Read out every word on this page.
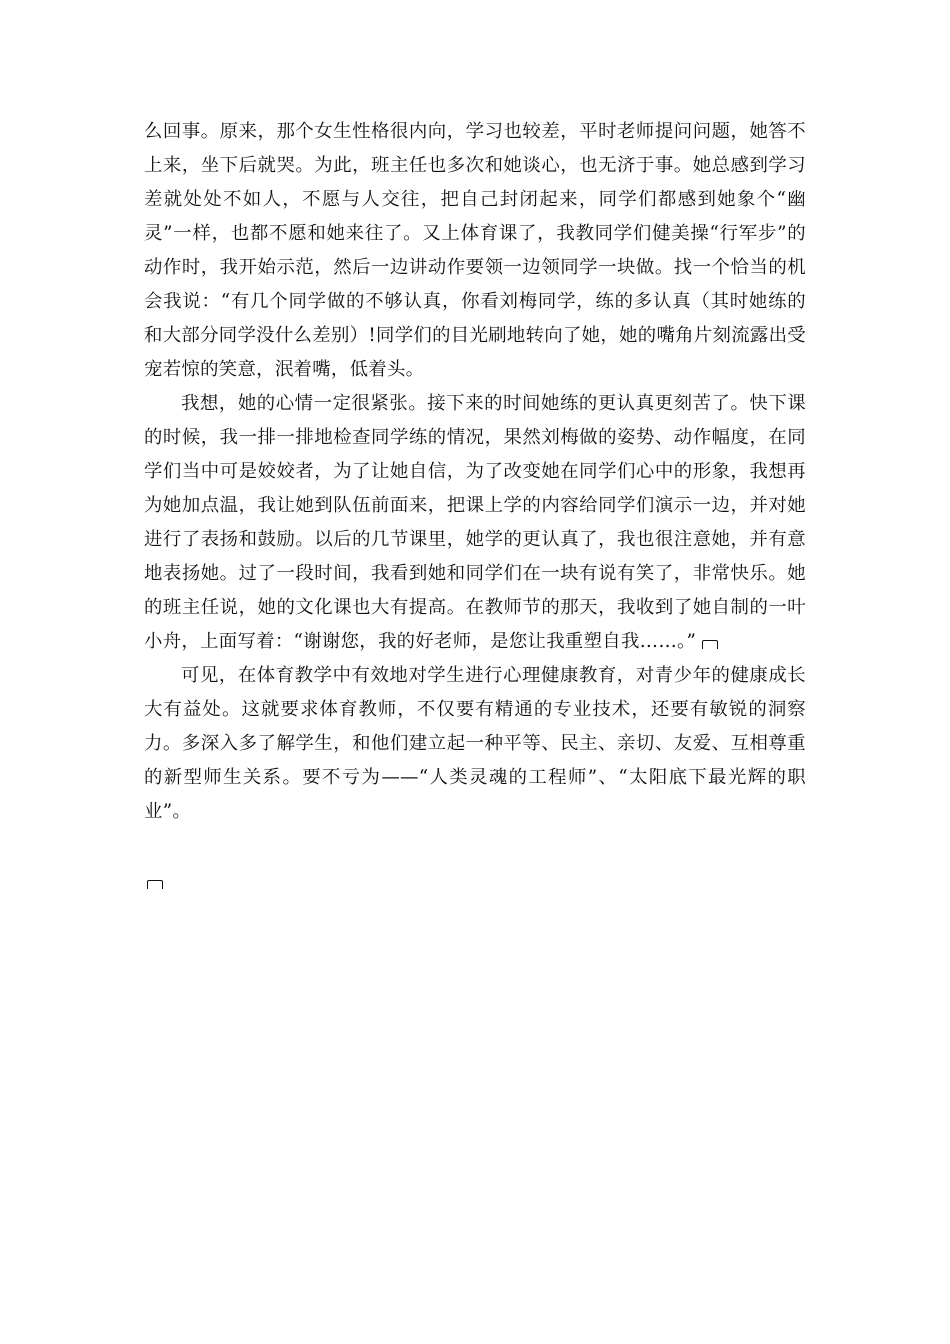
么回事。原来，那个女生性格很内向，学习也较差，平时老师提问问题，她答不上来，坐下后就哭。为此，班主任也多次和她谈心，也无济于事。她总感到学习差就处处不如人，不愿与人交往，把自己封闭起来，同学们都感到她象个“幽灵”一样，也都不愿和她来往了。又上体育课了，我教同学们健美操“行军步”的动作时，我开始示范，然后一边讲动作要领一边领同学一块做。找一个恰当的机会我说：“有几个同学做的不够认真，你看刘梅同学，练的多认真（其时她练的和大部分同学没什么差别）!同学们的目光刷地转向了她，她的嘴角片刻流露出受宠若惊的笑意，泯着嘴，低着头。

我想，她的心情一定很紧张。接下来的时间她练的更认真更刻苦了。快下课的时候，我一排一排地检查同学练的情况，果然刘梅做的姿势、动作幅度，在同学们当中可是姣姣者，为了让她自信，为了改变她在同学们心中的形象，我想再为她加点温，我让她到队伍前面来，把课上学的内容给同学们演示一边，并对她进行了表扬和鼓励。以后的几节课里，她学的更认真了，我也很注意她，并有意地表扬她。过了一段时间，我看到她和同学们在一块有说有笑了，非常快乐。她的班主任说，她的文化课也大有提高。在教师节的那天，我收到了她自制的一叶小舟，上面写着：“谢谢您，我的好老师，是您让我重塑自我……。”

可见，在体育教学中有效地对学生进行心理健康教育，对青少年的健康成长大有益处。这就要求体育教师，不仅要有精通的专业技术，还要有敏锐的洞察力。多深入多了解学生，和他们建立起一种平等、民主、亲切、友爱、互相尊重的新型师生关系。要不亏为——“人类灵魂的工程师”、“太阳底下最光辉的职业”。
